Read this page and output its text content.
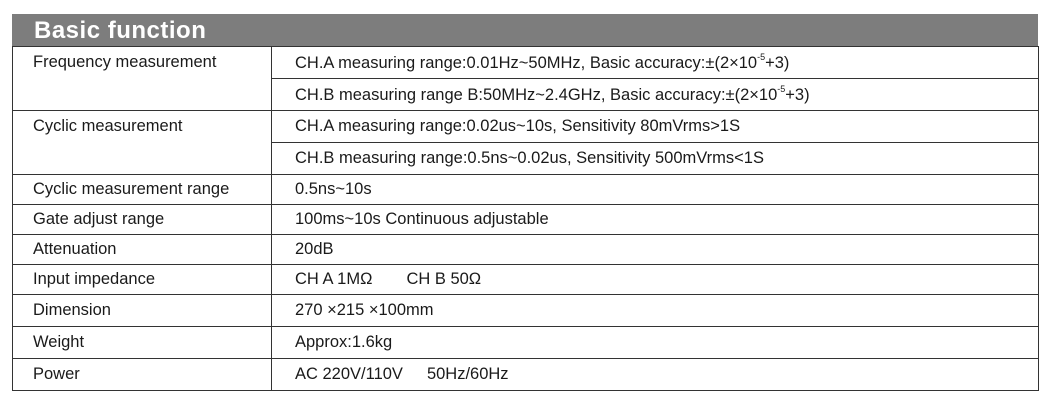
Basic function
Frequency measurement	CH.A measuring range:0.01Hz~50MHz, Basic $accuracy:\pm(2\times 10^{-5}+3)$
	CH.B measuring range B:50MHz~2.4GHz, Basic $accuracy:\pm(2\times 10^{-5}+3)$
Cyclic measurement	CH.A measuring range:0.02us~10s, Sensitivity 80mVrms>1S
	CH.B measuring range:0.5ns~0.02us, Sensitivity 500mVrms<1S
Cyclic measurement range	0.5ns~10s
Gate adjust range	100ms~10s Continuous adjustable
Attenuation	20dB
Input impedance	CH A 1MΩ CH B 50Ω
Dimension	270 ×215 ×100mm
Weight	Approx:1.6kg
Power	AC 220V/110V 50Hz/60Hz
